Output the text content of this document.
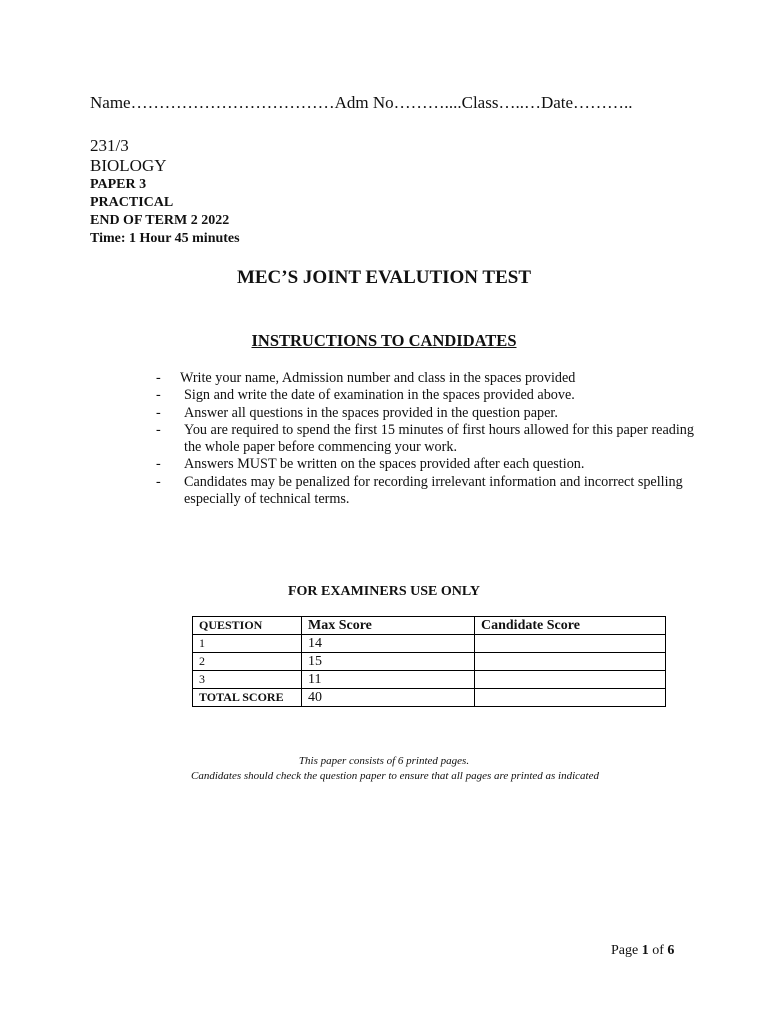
Name………………………………Adm No………....Class…..…Date………..
231/3
BIOLOGY
PAPER 3
PRACTICAL
END OF TERM 2 2022
Time: 1 Hour 45 minutes
MEC’S JOINT EVALUTION TEST
INSTRUCTIONS TO CANDIDATES
- Write your name, Admission number and class in the spaces provided
- Sign and write the date of examination in the spaces provided above.
- Answer all questions in the spaces provided in the question paper.
- You are required to spend the first 15 minutes of first hours allowed for this paper reading the whole paper before commencing your work.
- Answers MUST be written on the spaces provided after each question.
- Candidates may be penalized for recording irrelevant information and incorrect spelling especially of technical terms.
FOR EXAMINERS USE ONLY
QUESTION	Max Score	Candidate Score
1	14	
2	15	
3	11	
TOTAL SCORE	40	
This paper consists of 6 printed pages.
Candidates should check the question paper to ensure that all pages are printed as indicated
Page 1 of 6
